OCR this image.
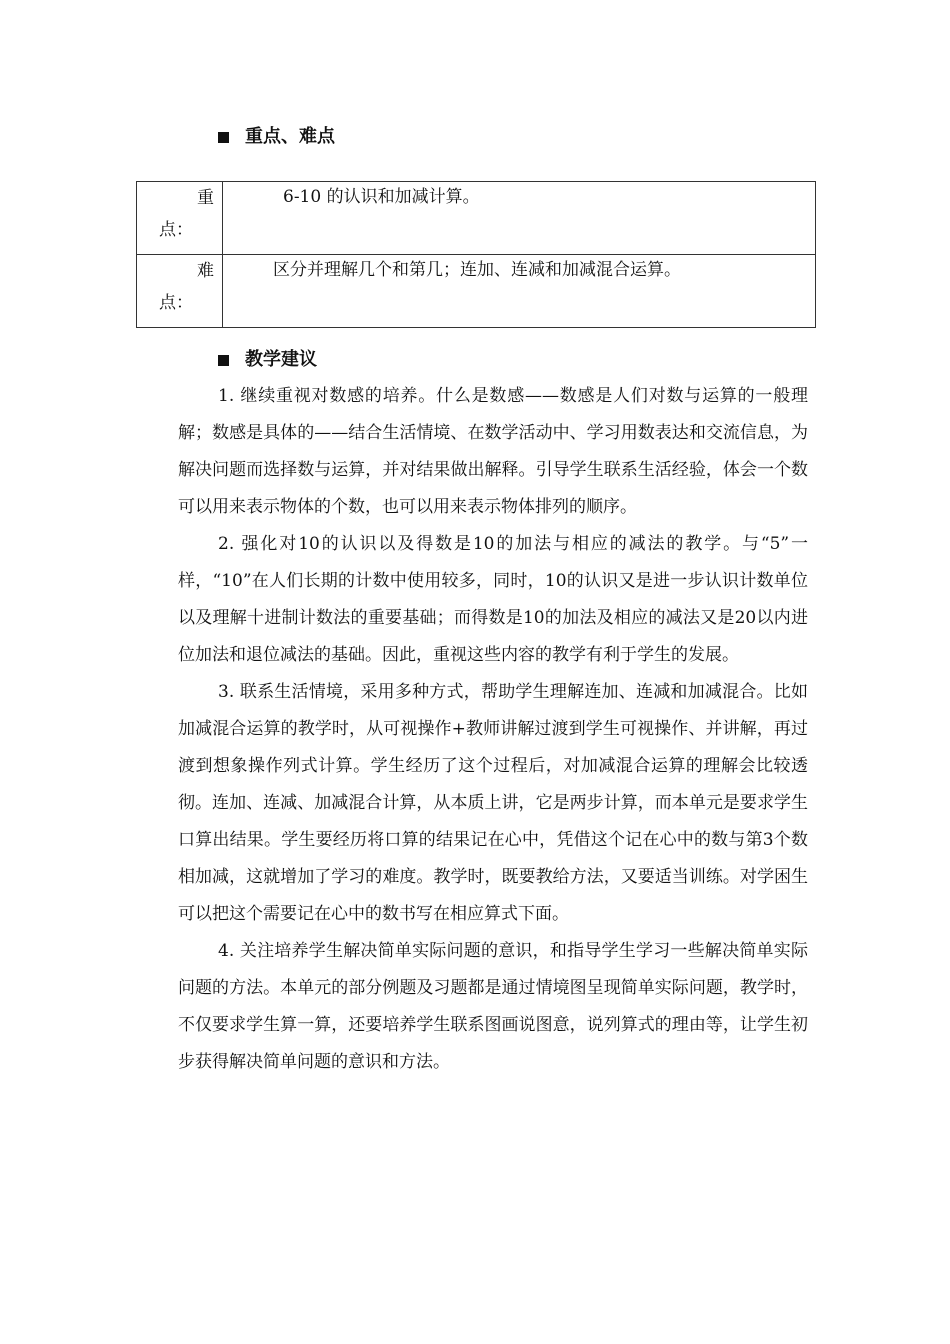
重点、难点
重
点：	6-10 的认识和加减计算。

难
点：	区分并理解几个和第几；连加、连减和加减混合运算。
教学建议

1. 继续重视对数感的培养。什么是数感——数感是人们对数与运算的一般理解；数感是具体的——结合生活情境、在数学活动中、学习用数表达和交流信息，为解决问题而选择数与运算，并对结果做出解释。引导学生联系生活经验，体会一个数可以用来表示物体的个数，也可以用来表示物体排列的顺序。

2. 强化对10的认识以及得数是10的加法与相应的减法的教学。与“5”一样，“10”在人们长期的计数中使用较多，同时，10的认识又是进一步认识计数单位以及理解十进制计数法的重要基础；而得数是10的加法及相应的减法又是20以内进位加法和退位减法的基础。因此，重视这些内容的教学有利于学生的发展。

3. 联系生活情境，采用多种方式，帮助学生理解连加、连减和加减混合。比如加减混合运算的教学时，从可视操作+教师讲解过渡到学生可视操作、并讲解，再过渡到想象操作列式计算。学生经历了这个过程后，对加减混合运算的理解会比较透彻。连加、连减、加减混合计算，从本质上讲，它是两步计算，而本单元是要求学生口算出结果。学生要经历将口算的结果记在心中，凭借这个记在心中的数与第3个数相加减，这就增加了学习的难度。教学时，既要教给方法，又要适当训练。对学困生可以把这个需要记在心中的数书写在相应算式下面。

4. 关注培养学生解决简单实际问题的意识，和指导学生学习一些解决简单实际问题的方法。本单元的部分例题及习题都是通过情境图呈现简单实际问题，教学时，不仅要求学生算一算，还要培养学生联系图画说图意，说列算式的理由等，让学生初步获得解决简单问题的意识和方法。
